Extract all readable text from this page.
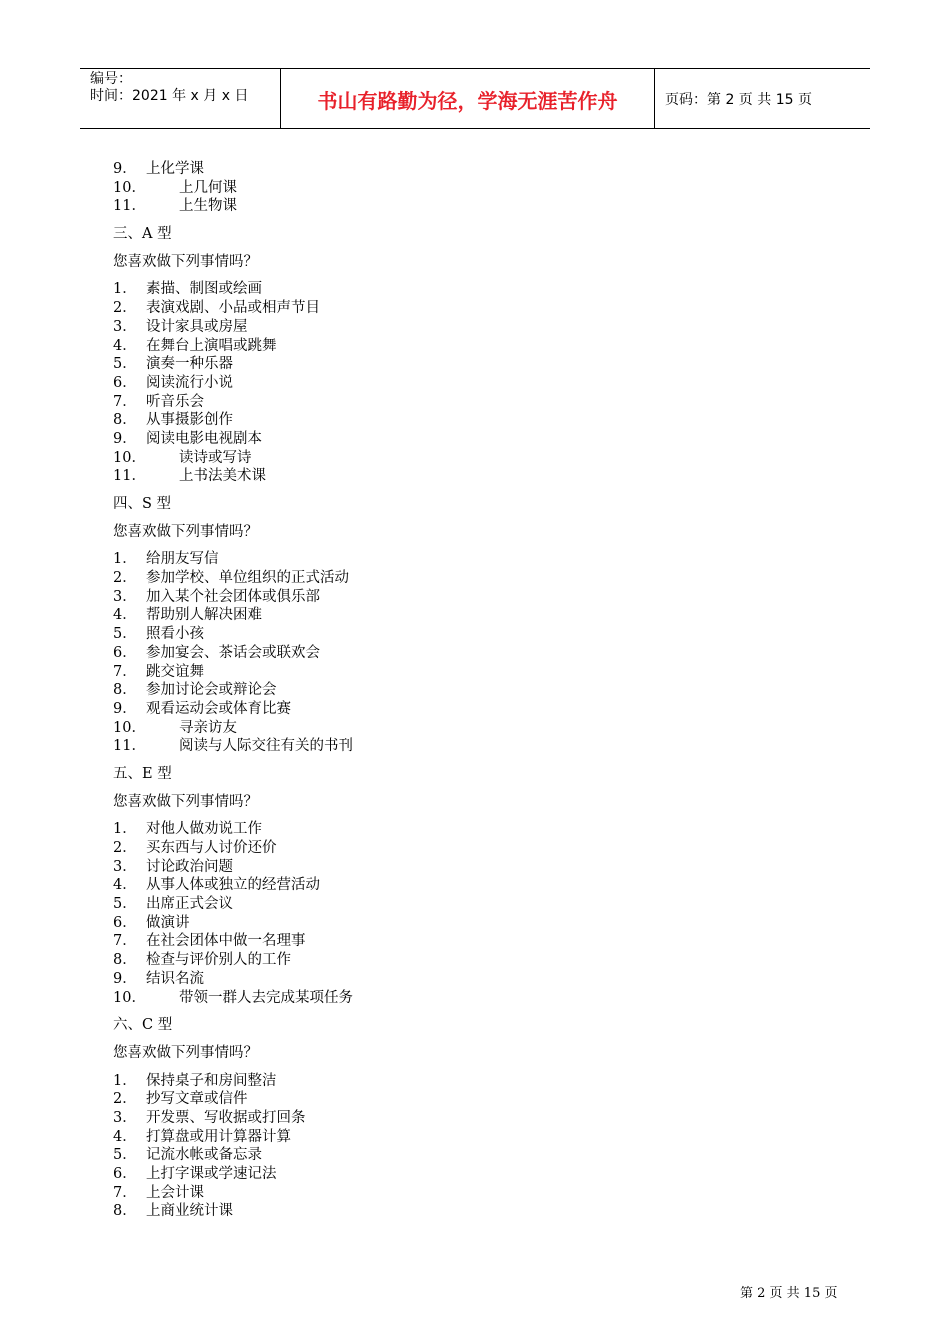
编号：
时间：2021 年 x 月 x 日	书山有路勤为径，学海无涯苦作舟	页码：第 2 页 共 15 页
9． 上化学课
10．	上几何课
11．	上生物课
三、A 型
您喜欢做下列事情吗？
1． 素描、制图或绘画
2． 表演戏剧、小品或相声节目
3． 设计家具或房屋
4． 在舞台上演唱或跳舞
5． 演奏一种乐器
6． 阅读流行小说
7． 听音乐会
8． 从事摄影创作
9． 阅读电影电视剧本
10．	读诗或写诗
11．	上书法美术课
四、S 型
您喜欢做下列事情吗？
1． 给朋友写信
2． 参加学校、单位组织的正式活动
3． 加入某个社会团体或俱乐部
4． 帮助别人解决困难
5． 照看小孩
6． 参加宴会、茶话会或联欢会
7． 跳交谊舞
8． 参加讨论会或辩论会
9． 观看运动会或体育比赛
10．	寻亲访友
11．	阅读与人际交往有关的书刊
五、E 型
您喜欢做下列事情吗？
1． 对他人做劝说工作
2． 买东西与人讨价还价
3． 讨论政治问题
4． 从事人体或独立的经营活动
5． 出席正式会议
6． 做演讲
7． 在社会团体中做一名理事
8． 检查与评价别人的工作
9． 结识名流
10．	带领一群人去完成某项任务
六、C 型
您喜欢做下列事情吗？
1． 保持桌子和房间整洁
2． 抄写文章或信件
3． 开发票、写收据或打回条
4． 打算盘或用计算器计算
5． 记流水帐或备忘录
6． 上打字课或学速记法
7． 上会计课
8． 上商业统计课
第 2 页 共 15 页
